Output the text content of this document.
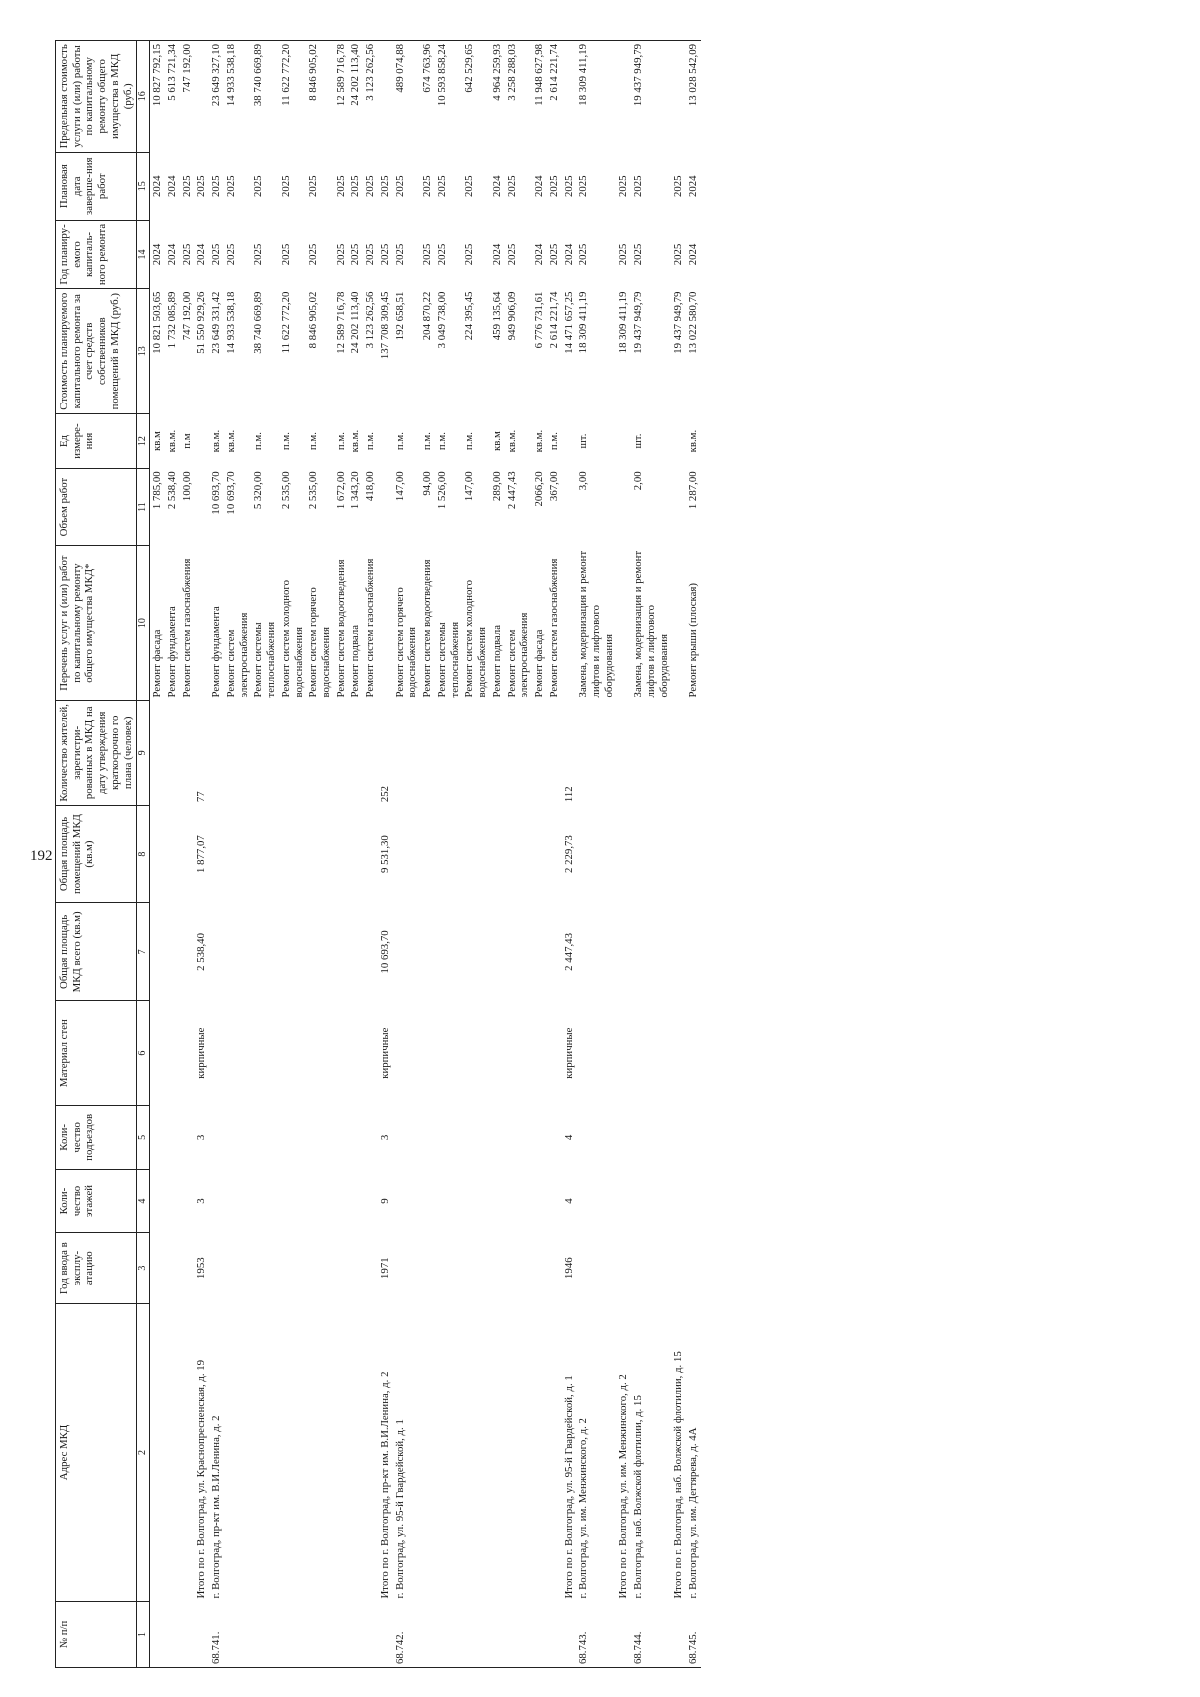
192
№ п/п	Адрес МКД	Год ввода в эксплу-атацию	Коли-чество этажей	Коли-чество подъездов	Материал стен	Общая площадь МКД всего (кв.м)	Общая площадь помещений МКД (кв.м)	Количество жителей, зарегистри-рованных в МКД на дату утверждения краткосрочно го плана (человек)	Перечень услуг и (или) работ по капитальному ремонту общего имущества МКД*	Объем работ	Ед измере-ния	Стоимость планируемого капитального ремонта за счет средств собственников помещений в МКД (руб.)	Год планиру-емого капиталь-ного ремонта	Плановая дата заверше-ния работ	Предельная стоимость услуги и (или) работы по капитальному ремонту общего имущества в МКД (руб.)
1	2	3	4	5	6	7	8	9	10	11	12	13	14	15	16
									Ремонт фасада	1 785,00	кв.м	10 821 503,65	2024	2024	10 827 792,15
									Ремонт фундамента	2 538,40	кв.м.	1 732 085,89	2024	2024	5 613 721,34
									Ремонт систем газоснабжения	100,00	п.м	747 192,00	2025	2025	747 192,00
	Итого по г. Волгоград, ул. Краснопресненская, д. 19	1953	3	3	кирпичные	2 538,40	1 877,07	77				51 550 929,26	2024	2025	
68.741.	г. Волгоград, пр-кт им. В.И.Ленина, д. 2								Ремонт фундамента	10 693,70	кв.м.	23 649 331,42	2025	2025	23 649 327,10
									Ремонт систем электроснабжения	10 693,70	кв.м.	14 933 538,18	2025	2025	14 933 538,18
									Ремонт системы теплоснабжения	5 320,00	п.м.	38 740 669,89	2025	2025	38 740 669,89
									Ремонт систем холодного водоснабжения	2 535,00	п.м.	11 622 772,20	2025	2025	11 622 772,20
									Ремонт систем горячего водоснабжения	2 535,00	п.м.	8 846 905,02	2025	2025	8 846 905,02
									Ремонт систем водоотведения	1 672,00	п.м.	12 589 716,78	2025	2025	12 589 716,78
									Ремонт подвала	1 343,20	кв.м.	24 202 113,40	2025	2025	24 202 113,40
									Ремонт систем газоснабжения	418,00	п.м.	3 123 262,56	2025	2025	3 123 262,56
	Итого по г. Волгоград, пр-кт им. В.И.Ленина, д. 2	1971	9	3	кирпичные	10 693,70	9 531,30	252				137 708 309,45	2025	2025	
68.742.	г. Волгоград, ул. 95-й Гвардейской, д. 1								Ремонт систем горячего водоснабжения	147,00	п.м.	192 658,51	2025	2025	489 074,88
									Ремонт систем водоотведения	94,00	п.м.	204 870,22	2025	2025	674 763,96
									Ремонт системы теплоснабжения	1 526,00	п.м.	3 049 738,00	2025	2025	10 593 858,24
									Ремонт систем холодного водоснабжения	147,00	п.м.	224 395,45	2025	2025	642 529,65
									Ремонт подвала	289,00	кв.м	459 135,64	2024	2024	4 964 259,93
									Ремонт систем электроснабжения	2 447,43	кв.м.	949 906,09	2025	2025	3 258 288,03
									Ремонт фасада	2066,20	кв.м.	6 776 731,61	2024	2024	11 948 627,98
									Ремонт систем газоснабжения	367,00	п.м.	2 614 221,74	2025	2025	2 614 221,74
	Итого по г. Волгоград, ул. 95-й Гвардейской, д. 1	1946	4	4	кирпичные	2 447,43	2 229,73	112				14 471 657,25	2024	2025	
68.743.	г. Волгоград, ул. им. Менжинского, д. 2								Замена, модернизация и ремонт лифтов и лифтового оборудования	3,00	шт.	18 309 411,19	2025	2025	18 309 411,19
	Итого по г. Волгоград, ул. им. Менжинского, д. 2											18 309 411,19	2025	2025	
68.744.	г. Волгоград, наб. Волжской флотилии, д. 15								Замена, модернизация и ремонт лифтов и лифтового оборудования	2,00	шт.	19 437 949,79	2025	2025	19 437 949,79
	Итого по г. Волгоград, наб. Волжской флотилии, д. 15											19 437 949,79	2025	2025	
68.745.	г. Волгоград, ул. им. Дегтярева, д. 4А								Ремонт крыши (плоская)	1 287,00	кв.м.	13 022 580,70	2024	2024	13 028 542,09
